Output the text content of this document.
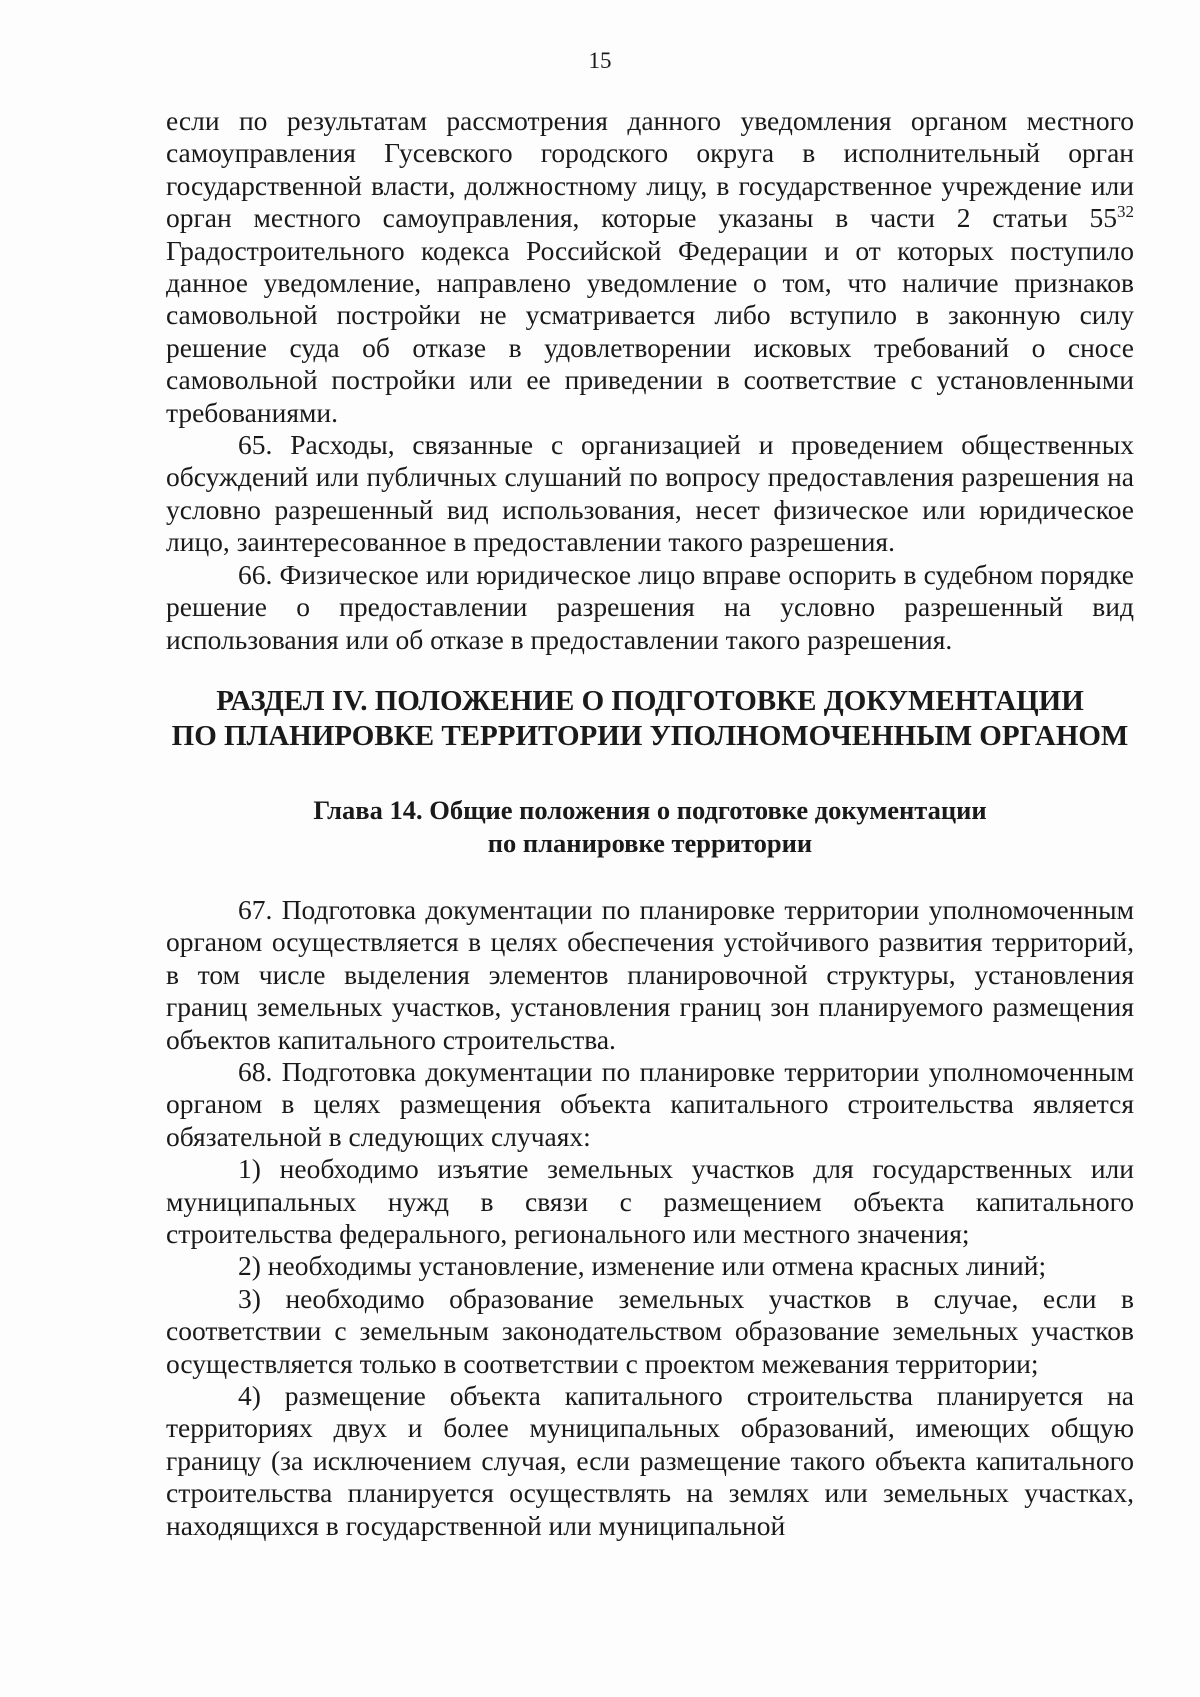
15

если по результатам рассмотрения данного уведомления органом местного самоуправления Гусевского городского округа в исполнительный орган государственной власти, должностному лицу, в государственное учреждение или орган местного самоуправления, которые указаны в части 2 статьи $55^{32}$ Градостроительного кодекса Российской Федерации и от которых поступило данное уведомление, направлено уведомление о том, что наличие признаков самовольной постройки не усматривается либо вступило в законную силу решение суда об отказе в удовлетворении исковых требований о сносе самовольной постройки или ее приведении в соответствие с установленными требованиями.

65. Расходы, связанные с организацией и проведением общественных обсуждений или публичных слушаний по вопросу предоставления разрешения на условно разрешенный вид использования, несет физическое или юридическое лицо, заинтересованное в предоставлении такого разрешения.

66. Физическое или юридическое лицо вправе оспорить в судебном порядке решение о предоставлении разрешения на условно разрешенный вид использования или об отказе в предоставлении такого разрешения.

РАЗДЕЛ IV. ПОЛОЖЕНИЕ О ПОДГОТОВКЕ ДОКУМЕНТАЦИИ
ПО ПЛАНИРОВКЕ ТЕРРИТОРИИ УПОЛНОМОЧЕННЫМ ОРГАНОМ

Глава 14. Общие положения о подготовке документации
по планировке территории

67. Подготовка документации по планировке территории уполномоченным органом осуществляется в целях обеспечения устойчивого развития территорий, в том числе выделения элементов планировочной структуры, установления границ земельных участков, установления границ зон планируемого размещения объектов капитального строительства.

68. Подготовка документации по планировке территории уполномоченным органом в целях размещения объекта капитального строительства является обязательной в следующих случаях:

1) необходимо изъятие земельных участков для государственных или муниципальных нужд в связи с размещением объекта капитального строительства федерального, регионального или местного значения;

2) необходимы установление, изменение или отмена красных линий;

3) необходимо образование земельных участков в случае, если в соответствии с земельным законодательством образование земельных участков осуществляется только в соответствии с проектом межевания территории;

4) размещение объекта капитального строительства планируется на территориях двух и более муниципальных образований, имеющих общую границу (за исключением случая, если размещение такого объекта капитального строительства планируется осуществлять на землях или земельных участках, находящихся в государственной или муниципальной
